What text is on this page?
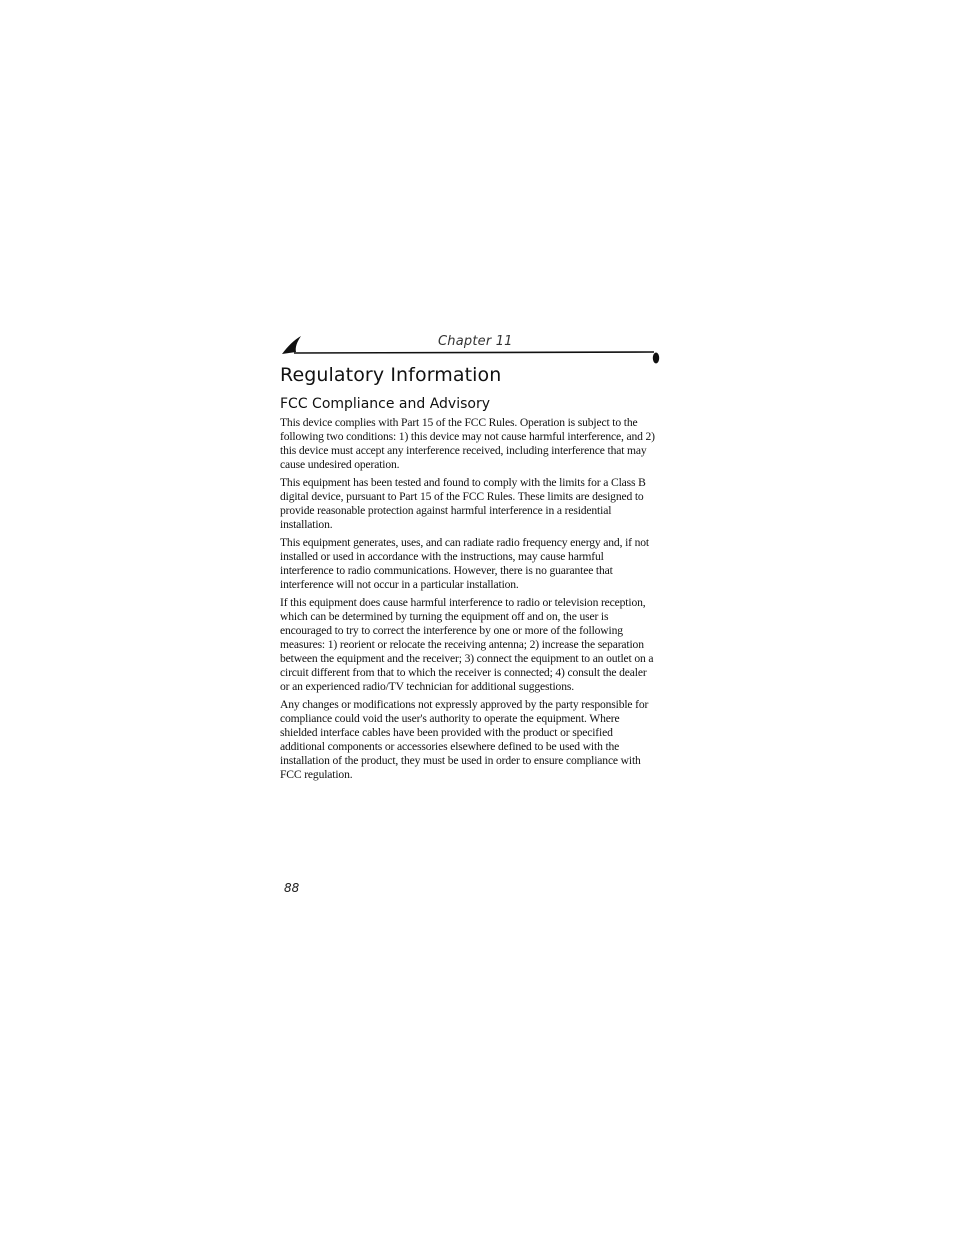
Chapter 11
Regulatory Information
FCC Compliance and Advisory

This device complies with Part 15 of the FCC Rules. Operation is subject to the following two conditions: 1) this device may not cause harmful interference, and 2) this device must accept any interference received, including interference that may cause undesired operation.

This equipment has been tested and found to comply with the limits for a Class B digital device, pursuant to Part 15 of the FCC Rules. These limits are designed to provide reasonable protection against harmful interference in a residential installation.

This equipment generates, uses, and can radiate radio frequency energy and, if not installed or used in accordance with the instructions, may cause harmful interference to radio communications. However, there is no guarantee that interference will not occur in a particular installation.

If this equipment does cause harmful interference to radio or television reception, which can be determined by turning the equipment off and on, the user is encouraged to try to correct the interference by one or more of the following measures: 1) reorient or relocate the receiving antenna; 2) increase the separation between the equipment and the receiver; 3) connect the equipment to an outlet on a circuit different from that to which the receiver is connected; 4) consult the dealer or an experienced radio/TV technician for additional suggestions.

Any changes or modifications not expressly approved by the party responsible for compliance could void the user's authority to operate the equipment. Where shielded interface cables have been provided with the product or specified additional components or accessories elsewhere defined to be used with the installation of the product, they must be used in order to ensure compliance with FCC regulation.

88
